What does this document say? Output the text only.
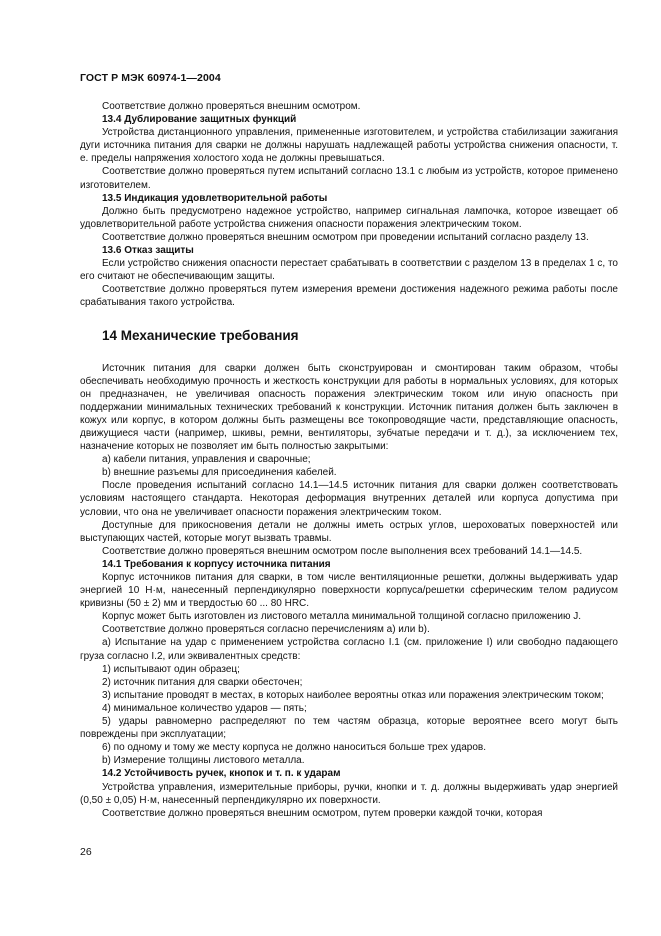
ГОСТ Р МЭК 60974-1—2004

Соответствие должно проверяться внешним осмотром.

13.4 Дублирование защитных функций

Устройства дистанционного управления, примененные изготовителем, и устройства стабилизации зажигания дуги источника питания для сварки не должны нарушать надлежащей работы устройства снижения опасности, т. е. пределы напряжения холостого хода не должны превышаться.

Соответствие должно проверяться путем испытаний согласно 13.1 с любым из устройств, которое применено изготовителем.

13.5 Индикация удовлетворительной работы

Должно быть предусмотрено надежное устройство, например сигнальная лампочка, которое извещает об удовлетворительной работе устройства снижения опасности поражения электрическим током.

Соответствие должно проверяться внешним осмотром при проведении испытаний согласно разделу 13.

13.6 Отказ защиты

Если устройство снижения опасности перестает срабатывать в соответствии с разделом 13 в пределах 1 с, то его считают не обеспечивающим защиты.

Соответствие должно проверяться путем измерения времени достижения надежного режима работы после срабатывания такого устройства.

14 Механические требования

Источник питания для сварки должен быть сконструирован и смонтирован таким образом, чтобы обеспечивать необходимую прочность и жесткость конструкции для работы в нормальных условиях, для которых он предназначен, не увеличивая опасность поражения электрическим током или иную опасность при поддержании минимальных технических требований к конструкции. Источник питания должен быть заключен в кожух или корпус, в котором должны быть размещены все токопроводящие части, представляющие опасность, движущиеся части (например, шкивы, ремни, вентиляторы, зубчатые передачи и т. д.), за исключением тех, назначение которых не позволяет им быть полностью закрытыми:

а) кабели питания, управления и сварочные;

b) внешние разъемы для присоединения кабелей.

После проведения испытаний согласно 14.1—14.5 источник питания для сварки должен соответствовать условиям настоящего стандарта. Некоторая деформация внутренних деталей или корпуса допустима при условии, что она не увеличивает опасности поражения электрическим током.

Доступные для прикосновения детали не должны иметь острых углов, шероховатых поверхностей или выступающих частей, которые могут вызвать травмы.

Соответствие должно проверяться внешним осмотром после выполнения всех требований 14.1—14.5.

14.1 Требования к корпусу источника питания

Корпус источников питания для сварки, в том числе вентиляционные решетки, должны выдерживать удар энергией 10 Н·м, нанесенный перпендикулярно поверхности корпуса/решетки сферическим телом радиусом кривизны (50 ± 2) мм и твердостью 60 ... 80 HRC.

Корпус может быть изготовлен из листового металла минимальной толщиной согласно приложению J.

Соответствие должно проверяться согласно перечислениям а) или b).

а) Испытание на удар с применением устройства согласно I.1 (см. приложение I) или свободно падающего груза согласно I.2, или эквивалентных средств:

1) испытывают один образец;

2) источник питания для сварки обесточен;

3) испытание проводят в местах, в которых наиболее вероятны отказ или поражения электрическим током;

4) минимальное количество ударов — пять;

5) удары равномерно распределяют по тем частям образца, которые вероятнее всего могут быть повреждены при эксплуатации;

6) по одному и тому же месту корпуса не должно наноситься больше трех ударов.

b) Измерение толщины листового металла.

14.2 Устойчивость ручек, кнопок и т. п. к ударам

Устройства управления, измерительные приборы, ручки, кнопки и т. д. должны выдерживать удар энергией (0,50 ± 0,05) Н·м, нанесенный перпендикулярно их поверхности.

Соответствие должно проверяться внешним осмотром, путем проверки каждой точки, которая

26
